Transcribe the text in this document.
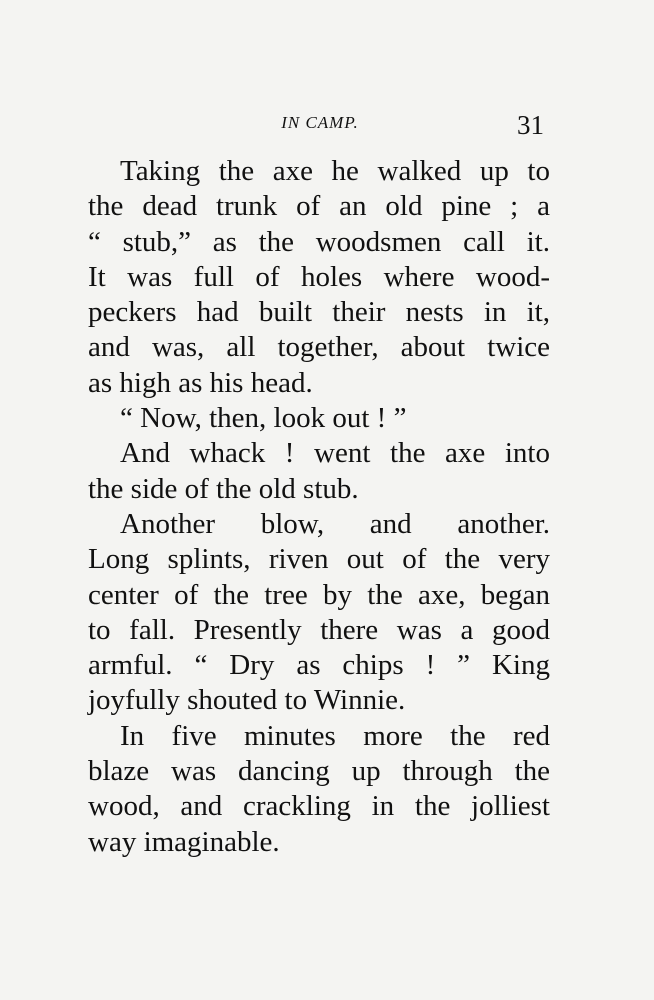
IN CAMP.	31
Taking the axe he walked up to
the dead trunk of an old pine ; a
“ stub,” as the woodsmen call it.
It was full of holes where wood-
peckers had built their nests in it,
and was, all together, about twice
as high as his head.
“ Now, then, look out ! ”
And whack ! went the axe into
the side of the old stub.
Another blow, and another.
Long splints, riven out of the very
center of the tree by the axe, began
to fall. Presently there was a good
armful. “ Dry as chips ! ” King
joyfully shouted to Winnie.
In five minutes more the red
blaze was dancing up through the
wood, and crackling in the jolliest
way imaginable.
